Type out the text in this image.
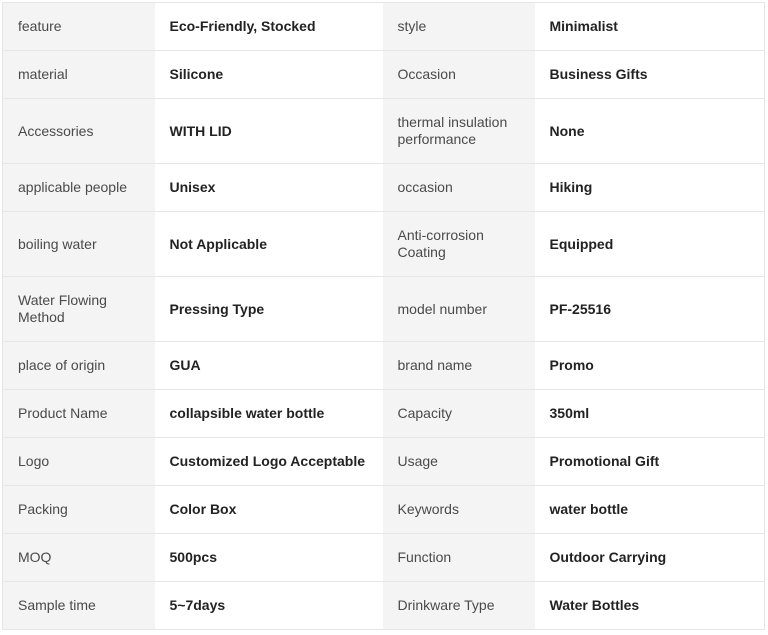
feature	Eco-Friendly, Stocked	style	Minimalist
material	Silicone	Occasion	Business Gifts
Accessories	WITH LID	thermal insulation performance	None
applicable people	Unisex	occasion	Hiking
boiling water	Not Applicable	Anti-corrosion Coating	Equipped
Water Flowing Method	Pressing Type	model number	PF-25516
place of origin	GUA	brand name	Promo
Product Name	collapsible water bottle	Capacity	350ml
Logo	Customized Logo Acceptable	Usage	Promotional Gift
Packing	Color Box	Keywords	water bottle
MOQ	500pcs	Function	Outdoor Carrying
Sample time	5~7days	Drinkware Type	Water Bottles
